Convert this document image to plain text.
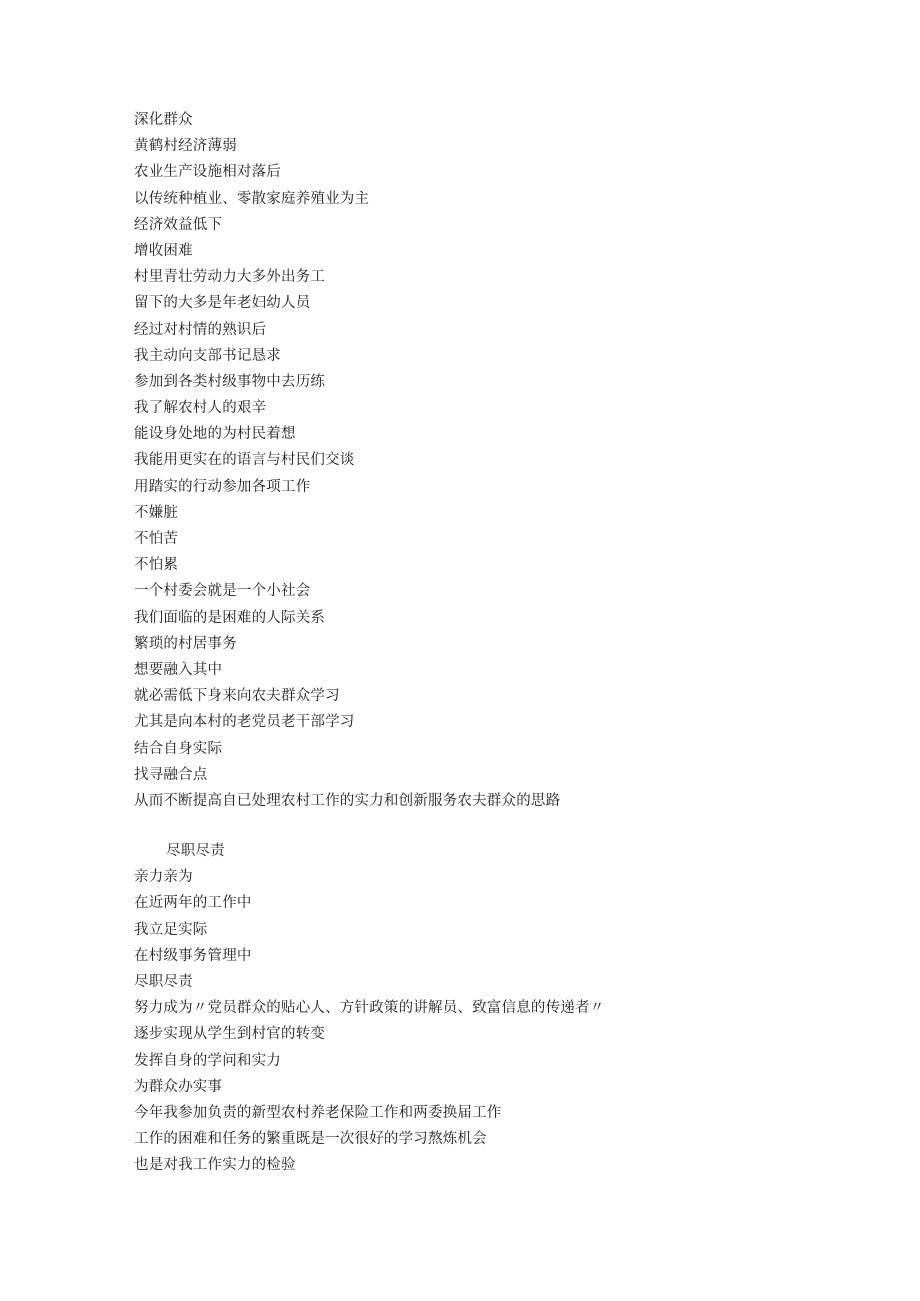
深化群众
黄鹤村经济薄弱
农业生产设施相对落后
以传统种植业、零散家庭养殖业为主
经济效益低下
增收困难
村里青壮劳动力大多外出务工
留下的大多是年老妇幼人员
经过对村情的熟识后
我主动向支部书记恳求
参加到各类村级事物中去历练
我了解农村人的艰辛
能设身处地的为村民着想
我能用更实在的语言与村民们交谈
用踏实的行动参加各项工作
不嫌脏
不怕苦
不怕累
一个村委会就是一个小社会
我们面临的是困难的人际关系
繁琐的村居事务
想要融入其中
就必需低下身来向农夫群众学习
尤其是向本村的老党员老干部学习
结合自身实际
找寻融合点
从而不断提高自已处理农村工作的实力和创新服务农夫群众的思路
尽职尽责
亲力亲为
在近两年的工作中
我立足实际
在村级事务管理中
尽职尽责
努力成为〃党员群众的贴心人、方针政策的讲解员、致富信息的传递者〃
逐步实现从学生到村官的转变
发挥自身的学问和实力
为群众办实事
今年我参加负责的新型农村养老保险工作和两委换届工作
工作的困难和任务的繁重既是一次很好的学习熬炼机会
也是对我工作实力的检验
